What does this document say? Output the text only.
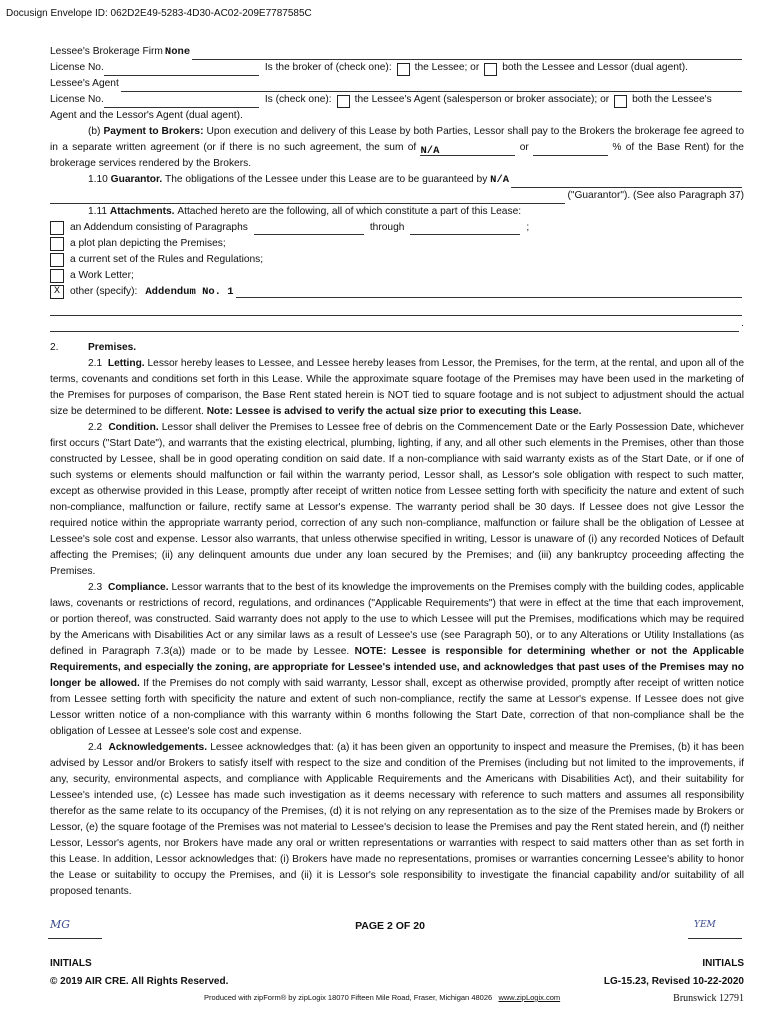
Docusign Envelope ID: 062D2E49-5283-4D30-AC02-209E7787585C
Lessee's Brokerage Firm None
License No.	Is the broker of (check one): the Lessee; or both the Lessee and Lessor (dual agent).
Lessee's Agent
License No.	Is (check one): the Lessee's Agent (salesperson or broker associate); or both the Lessee's
Agent and the Lessor's Agent (dual agent).

(b) Payment to Brokers: Upon execution and delivery of this Lease by both Parties, Lessor shall pay to the Brokers the brokerage fee agreed to in a separate written agreement (or if there is no such agreement, the sum of N/A	or	% of the Base Rent) for the brokerage services rendered by the Brokers.

1.10
Guarantor.
The obligations of the Lessee under this Lease are to be guaranteed by
N/A
("Guarantor"). (See also Paragraph 37)
1.11
Attachments.
Attached hereto are the following, all of which constitute a part of this Lease:
an Addendum consisting of Paragraphs	through	;
a plot plan depicting the Premises;
a current set of the Rules and Regulations;
a Work Letter;
X other (specify): Addendum No. 1
.
2.	Premises.

2.1 Letting. Lessor hereby leases to Lessee, and Lessee hereby leases from Lessor, the Premises, for the term, at the rental, and upon all of the terms, covenants and conditions set forth in this Lease. While the approximate square footage of the Premises may have been used in the marketing of the Premises for purposes of comparison, the Base Rent stated herein is NOT tied to square footage and is not subject to adjustment should the actual size be determined to be different. Note: Lessee is advised to verify the actual size prior to executing this Lease.

2.2 Condition. Lessor shall deliver the Premises to Lessee free of debris on the Commencement Date or the Early Possession Date, whichever first occurs ("Start Date"), and warrants that the existing electrical, plumbing, lighting, if any, and all other such elements in the Premises, other than those constructed by Lessee, shall be in good operating condition on said date. If a non-compliance with said warranty exists as of the Start Date, or if one of such systems or elements should malfunction or fail within the warranty period, Lessor shall, as Lessor's sole obligation with respect to such matter, except as otherwise provided in this Lease, promptly after receipt of written notice from Lessee setting forth with specificity the nature and extent of such non-compliance, malfunction or failure, rectify same at Lessor's expense. The warranty period shall be 30 days. If Lessee does not give Lessor the required notice within the appropriate warranty period, correction of any such non-compliance, malfunction or failure shall be the obligation of Lessee at Lessee's sole cost and expense. Lessor also warrants, that unless otherwise specified in writing, Lessor is unaware of (i) any recorded Notices of Default affecting the Premises; (ii) any delinquent amounts due under any loan secured by the Premises; and (iii) any bankruptcy proceeding affecting the Premises.

2.3 Compliance. Lessor warrants that to the best of its knowledge the improvements on the Premises comply with the building codes, applicable laws, covenants or restrictions of record, regulations, and ordinances ("Applicable Requirements") that were in effect at the time that each improvement, or portion thereof, was constructed. Said warranty does not apply to the use to which Lessee will put the Premises, modifications which may be required by the Americans with Disabilities Act or any similar laws as a result of Lessee's use (see Paragraph 50), or to any Alterations or Utility Installations (as defined in Paragraph 7.3(a)) made or to be made by Lessee. NOTE: Lessee is responsible for determining whether or not the Applicable Requirements, and especially the zoning, are appropriate for Lessee's intended use, and acknowledges that past uses of the Premises may no longer be allowed. If the Premises do not comply with said warranty, Lessor shall, except as otherwise provided, promptly after receipt of written notice from Lessee setting forth with specificity the nature and extent of such non-compliance, rectify the same at Lessor's expense. If Lessee does not give Lessor written notice of a non-compliance with this warranty within 6 months following the Start Date, correction of that non-compliance shall be the obligation of Lessee at Lessee's sole cost and expense.

2.4 Acknowledgements. Lessee acknowledges that: (a) it has been given an opportunity to inspect and measure the Premises, (b) it has been advised by Lessor and/or Brokers to satisfy itself with respect to the size and condition of the Premises (including but not limited to the improvements, if any, security, environmental aspects, and compliance with Applicable Requirements and the Americans with Disabilities Act), and their suitability for Lessee's intended use, (c) Lessee has made such investigation as it deems necessary with reference to such matters and assumes all responsibility therefor as the same relate to its occupancy of the Premises, (d) it is not relying on any representation as to the size of the Premises made by Brokers or Lessor, (e) the square footage of the Premises was not material to Lessee's decision to lease the Premises and pay the Rent stated herein, and (f) neither Lessor, Lessor's agents, nor Brokers have made any oral or written representations or warranties with respect to said matters other than as set forth in this Lease. In addition, Lessor acknowledges that: (i) Brokers have made no representations, promises or warranties concerning Lessee's ability to honor the Lease or suitability to occupy the Premises, and (ii) it is Lessor's sole responsibility to investigate the financial capability and/or suitability of all proposed tenants.

MG	YEM
PAGE 2 OF 20
INITIALS	INITIALS
© 2019 AIR CRE. All Rights Reserved.	LG-15.23, Revised 10-22-2020
Produced with zipForm® by zipLogix 18070 Fifteen Mile Road, Fraser, Michigan 48026 www.zipLogix.com	Brunswick 12791
